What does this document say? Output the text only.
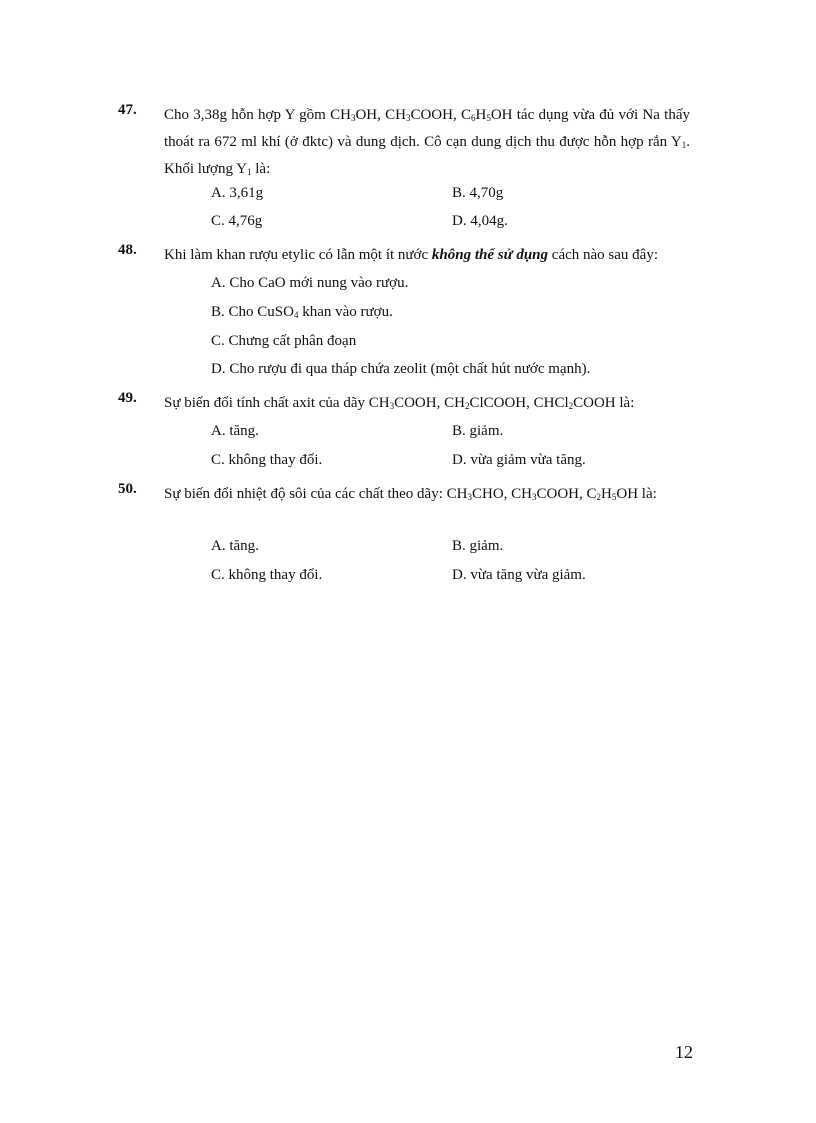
47. Cho 3,38g hỗn hợp Y gồm $CH_3OH$, $CH_3COOH$, $C_6H_5OH$ tác dụng vừa đủ với Na thấy thoát ra 672 ml khí (ở đktc) và dung dịch. Cô cạn dung dịch thu được hỗn hợp rắn $Y_1$. Khối lượng $Y_1$ là:
A. 3,61g	B. 4,70g
C. 4,76g	D. 4,04g.
48. Khi làm khan rượu etylic có lẫn một ít nước không thể sử dụng cách nào sau đây:
A. Cho CaO mới nung vào rượu.
B. Cho CuSO$_4$ khan vào rượu.
C. Chưng cất phân đoạn
D. Cho rượu đi qua tháp chứa zeolit (một chất hút nước mạnh).
49. Sự biến đổi tính chất axit của dãy $CH_3COOH$, $CH_2ClCOOH$, CHCl$_2$COOH là:
A. tăng.	B. giảm.
C. không thay đổi.	D. vừa giảm vừa tăng.
50. Sự biến đổi nhiệt độ sôi của các chất theo dãy: $CH_3CHO$, $CH_3COOH$, $C_2H_5OH$ là:
A. tăng.	B. giảm.
C. không thay đổi.	D. vừa tăng vừa giảm.
12
